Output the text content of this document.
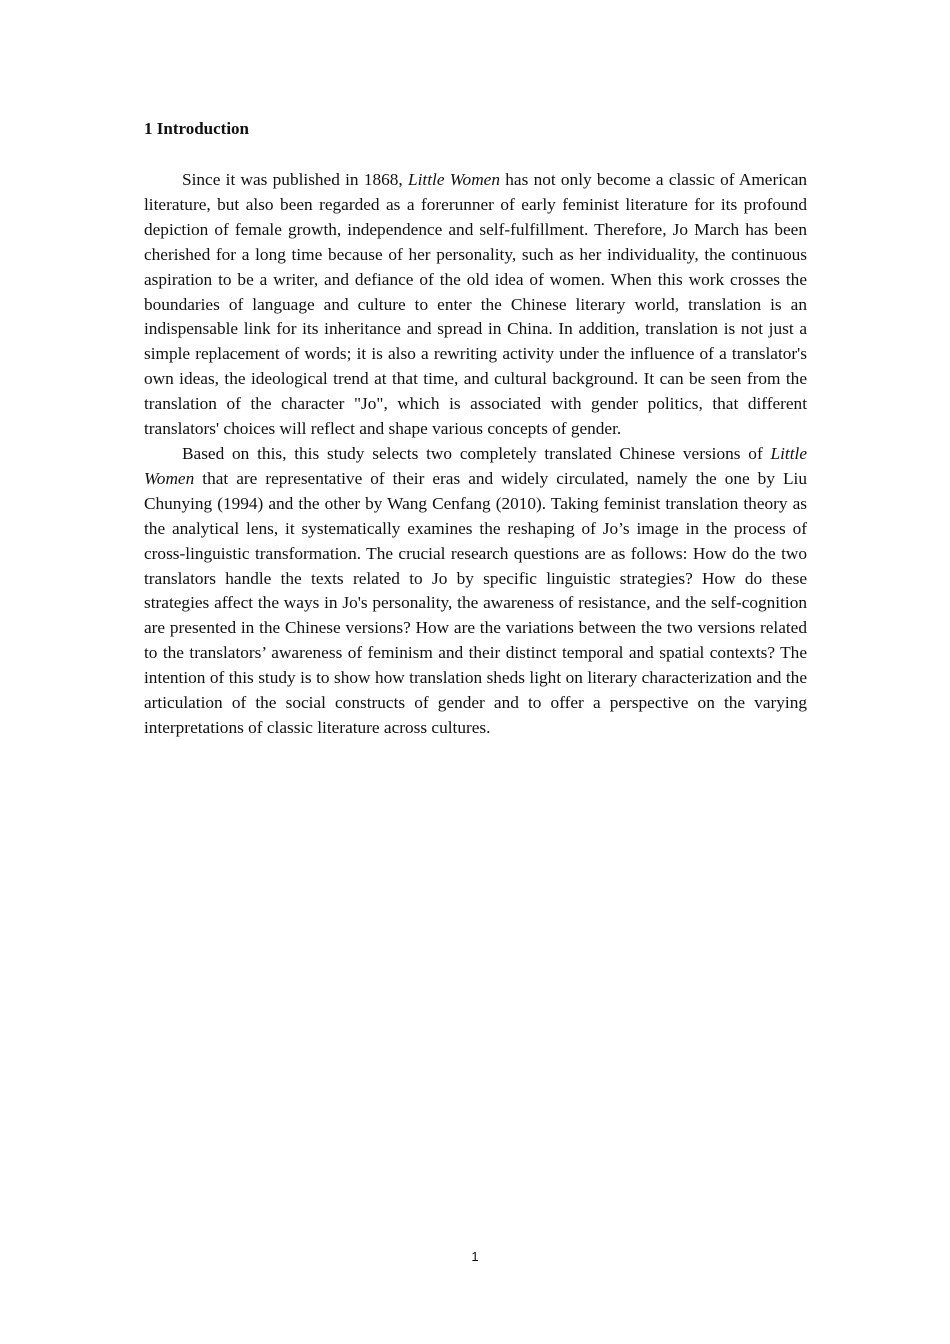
1 Introduction

Since it was published in 1868, Little Women has not only become a classic of American literature, but also been regarded as a forerunner of early feminist literature for its profound depiction of female growth, independence and self-fulfillment. Therefore, Jo March has been cherished for a long time because of her personality, such as her individuality, the continuous aspiration to be a writer, and defiance of the old idea of women. When this work crosses the boundaries of language and culture to enter the Chinese literary world, translation is an indispensable link for its inheritance and spread in China. In addition, translation is not just a simple replacement of words; it is also a rewriting activity under the influence of a translator's own ideas, the ideological trend at that time, and cultural background. It can be seen from the translation of the character "Jo", which is associated with gender politics, that different translators' choices will reflect and shape various concepts of gender.

Based on this, this study selects two completely translated Chinese versions of Little Women that are representative of their eras and widely circulated, namely the one by Liu Chunying (1994) and the other by Wang Cenfang (2010). Taking feminist translation theory as the analytical lens, it systematically examines the reshaping of Jo’s image in the process of cross-linguistic transformation. The crucial research questions are as follows: How do the two translators handle the texts related to Jo by specific linguistic strategies? How do these strategies affect the ways in Jo's personality, the awareness of resistance, and the self-cognition are presented in the Chinese versions? How are the variations between the two versions related to the translators’ awareness of feminism and their distinct temporal and spatial contexts? The intention of this study is to show how translation sheds light on literary characterization and the articulation of the social constructs of gender and to offer a perspective on the varying interpretations of classic literature across cultures.

1
